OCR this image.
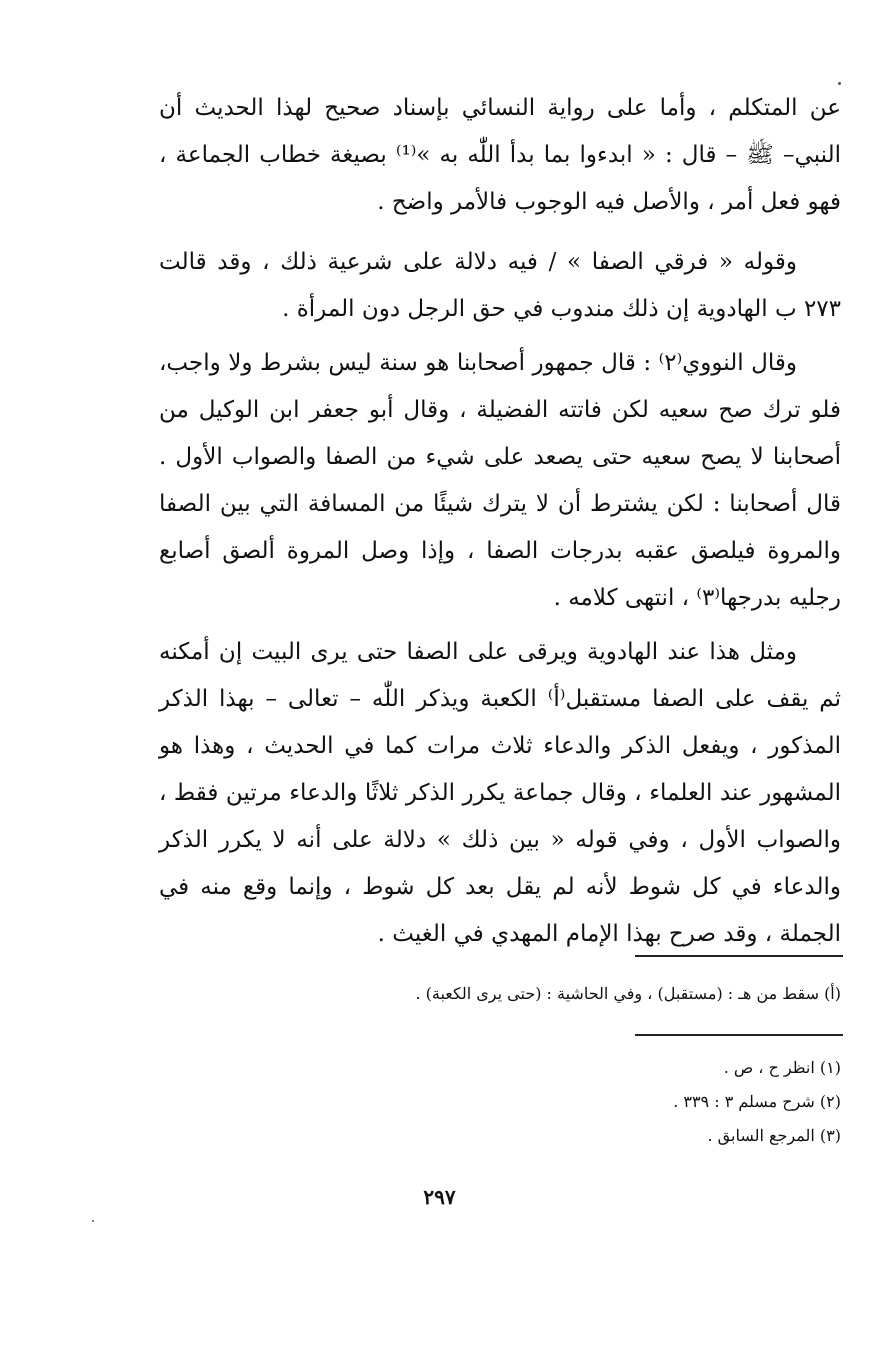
عن المتكلم ، وأما على رواية النسائي بإسناد صحيح لهذا الحديث أن النبي– ﷺ – قال : « ابدءوا بما بدأ اللّٰه به »⁽¹⁾ بصيغة خطاب الجماعة ، فهو فعل أمر ، والأصل فيه الوجوب فالأمر واضح .

وقوله « فرقي الصفا » / فيه دلالة على شرعية ذلك ، وقد قالت ٢٧٣ ب الهادوية إن ذلك مندوب في حق الرجل دون المرأة .

وقال النووي⁽٢⁾ : قال جمهور أصحابنا هو سنة ليس بشرط ولا واجب، فلو ترك صح سعيه لكن فاتته الفضيلة ، وقال أبو جعفر ابن الوكيل من أصحابنا لا يصح سعيه حتى يصعد على شيء من الصفا والصواب الأول . قال أصحابنا : لكن يشترط أن لا يترك شيئًا من المسافة التي بين الصفا والمروة فيلصق عقبه بدرجات الصفا ، وإذا وصل المروة ألصق أصابع رجليه بدرجها⁽٣⁾ ، انتهى كلامه .

ومثل هذا عند الهادوية ويرقى على الصفا حتى يرى البيت إن أمكنه ثم يقف على الصفا مستقبل⁽أ⁾ الكعبة ويذكر اللّٰه – تعالى – بهذا الذكر المذكور ، ويفعل الذكر والدعاء ثلاث مرات كما في الحديث ، وهذا هو المشهور عند العلماء ، وقال جماعة يكرر الذكر ثلاثًا والدعاء مرتين فقط ، والصواب الأول ، وفي قوله « بين ذلك » دلالة على أنه لا يكرر الذكر والدعاء في كل شوط لأنه لم يقل بعد كل شوط ، وإنما وقع منه في الجملة ، وقد صرح بهذا الإمام المهدي في الغيث .

(أ) سقط من هـ : (مستقبل) ، وفي الحاشية : (حتى يرى الكعبة) .
(١) انظر ح ، ص .
(٢) شرح مسلم ٣ : ٣٣٩ .
(٣) المرجع السابق .
٢٩٧
